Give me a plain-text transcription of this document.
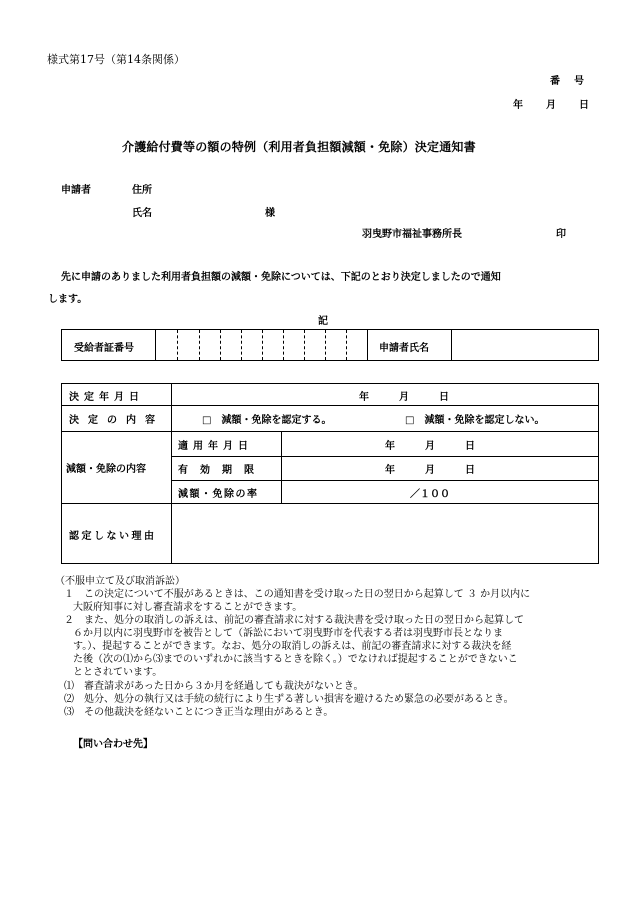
様式第17号（第14条関係）
番　号
年　　月　　日
介護給付費等の額の特例（利用者負担額減額・免除）決定通知書
申請者	住所
氏名	様
羽曳野市福祉事務所長	印
先に申請のありました利用者負担額の減額・免除については、下記のとおり決定しましたので通知
します。
記
受給者証番号	申請者氏名
決定年月日	年　　　月　　　日
決定の内容	□　減額・免除を認定する。	□　減額・免除を認定しない。
減額・免除の内容
適用年月日	年　　　月　　　日
有効期限	年　　　月　　　日
減額・免除の率	／１００
認定しない理由
（不服申立て及び取消訴訟）
１　この決定について不服があるときは、この通知書を受け取った日の翌日から起算して ３ か月以内に
大阪府知事に対し審査請求をすることができます。
２　また、処分の取消しの訴えは、前記の審査請求に対する裁決書を受け取った日の翌日から起算して
６か月以内に羽曳野市を被告として（訴訟において羽曳野市を代表する者は羽曳野市長となりま
す。）、提起することができます。なお、処分の取消しの訴えは、前記の審査請求に対する裁決を経
た後（次の⑴から⑶までのいずれかに該当するときを除く。）でなければ提起することができないこ
ととされています。
⑴　審査請求があった日から３か月を経過しても裁決がないとき。
⑵　処分、処分の執行又は手続の続行により生ずる著しい損害を避けるため緊急の必要があるとき。
⑶　その他裁決を経ないことにつき正当な理由があるとき。
【問い合わせ先】
